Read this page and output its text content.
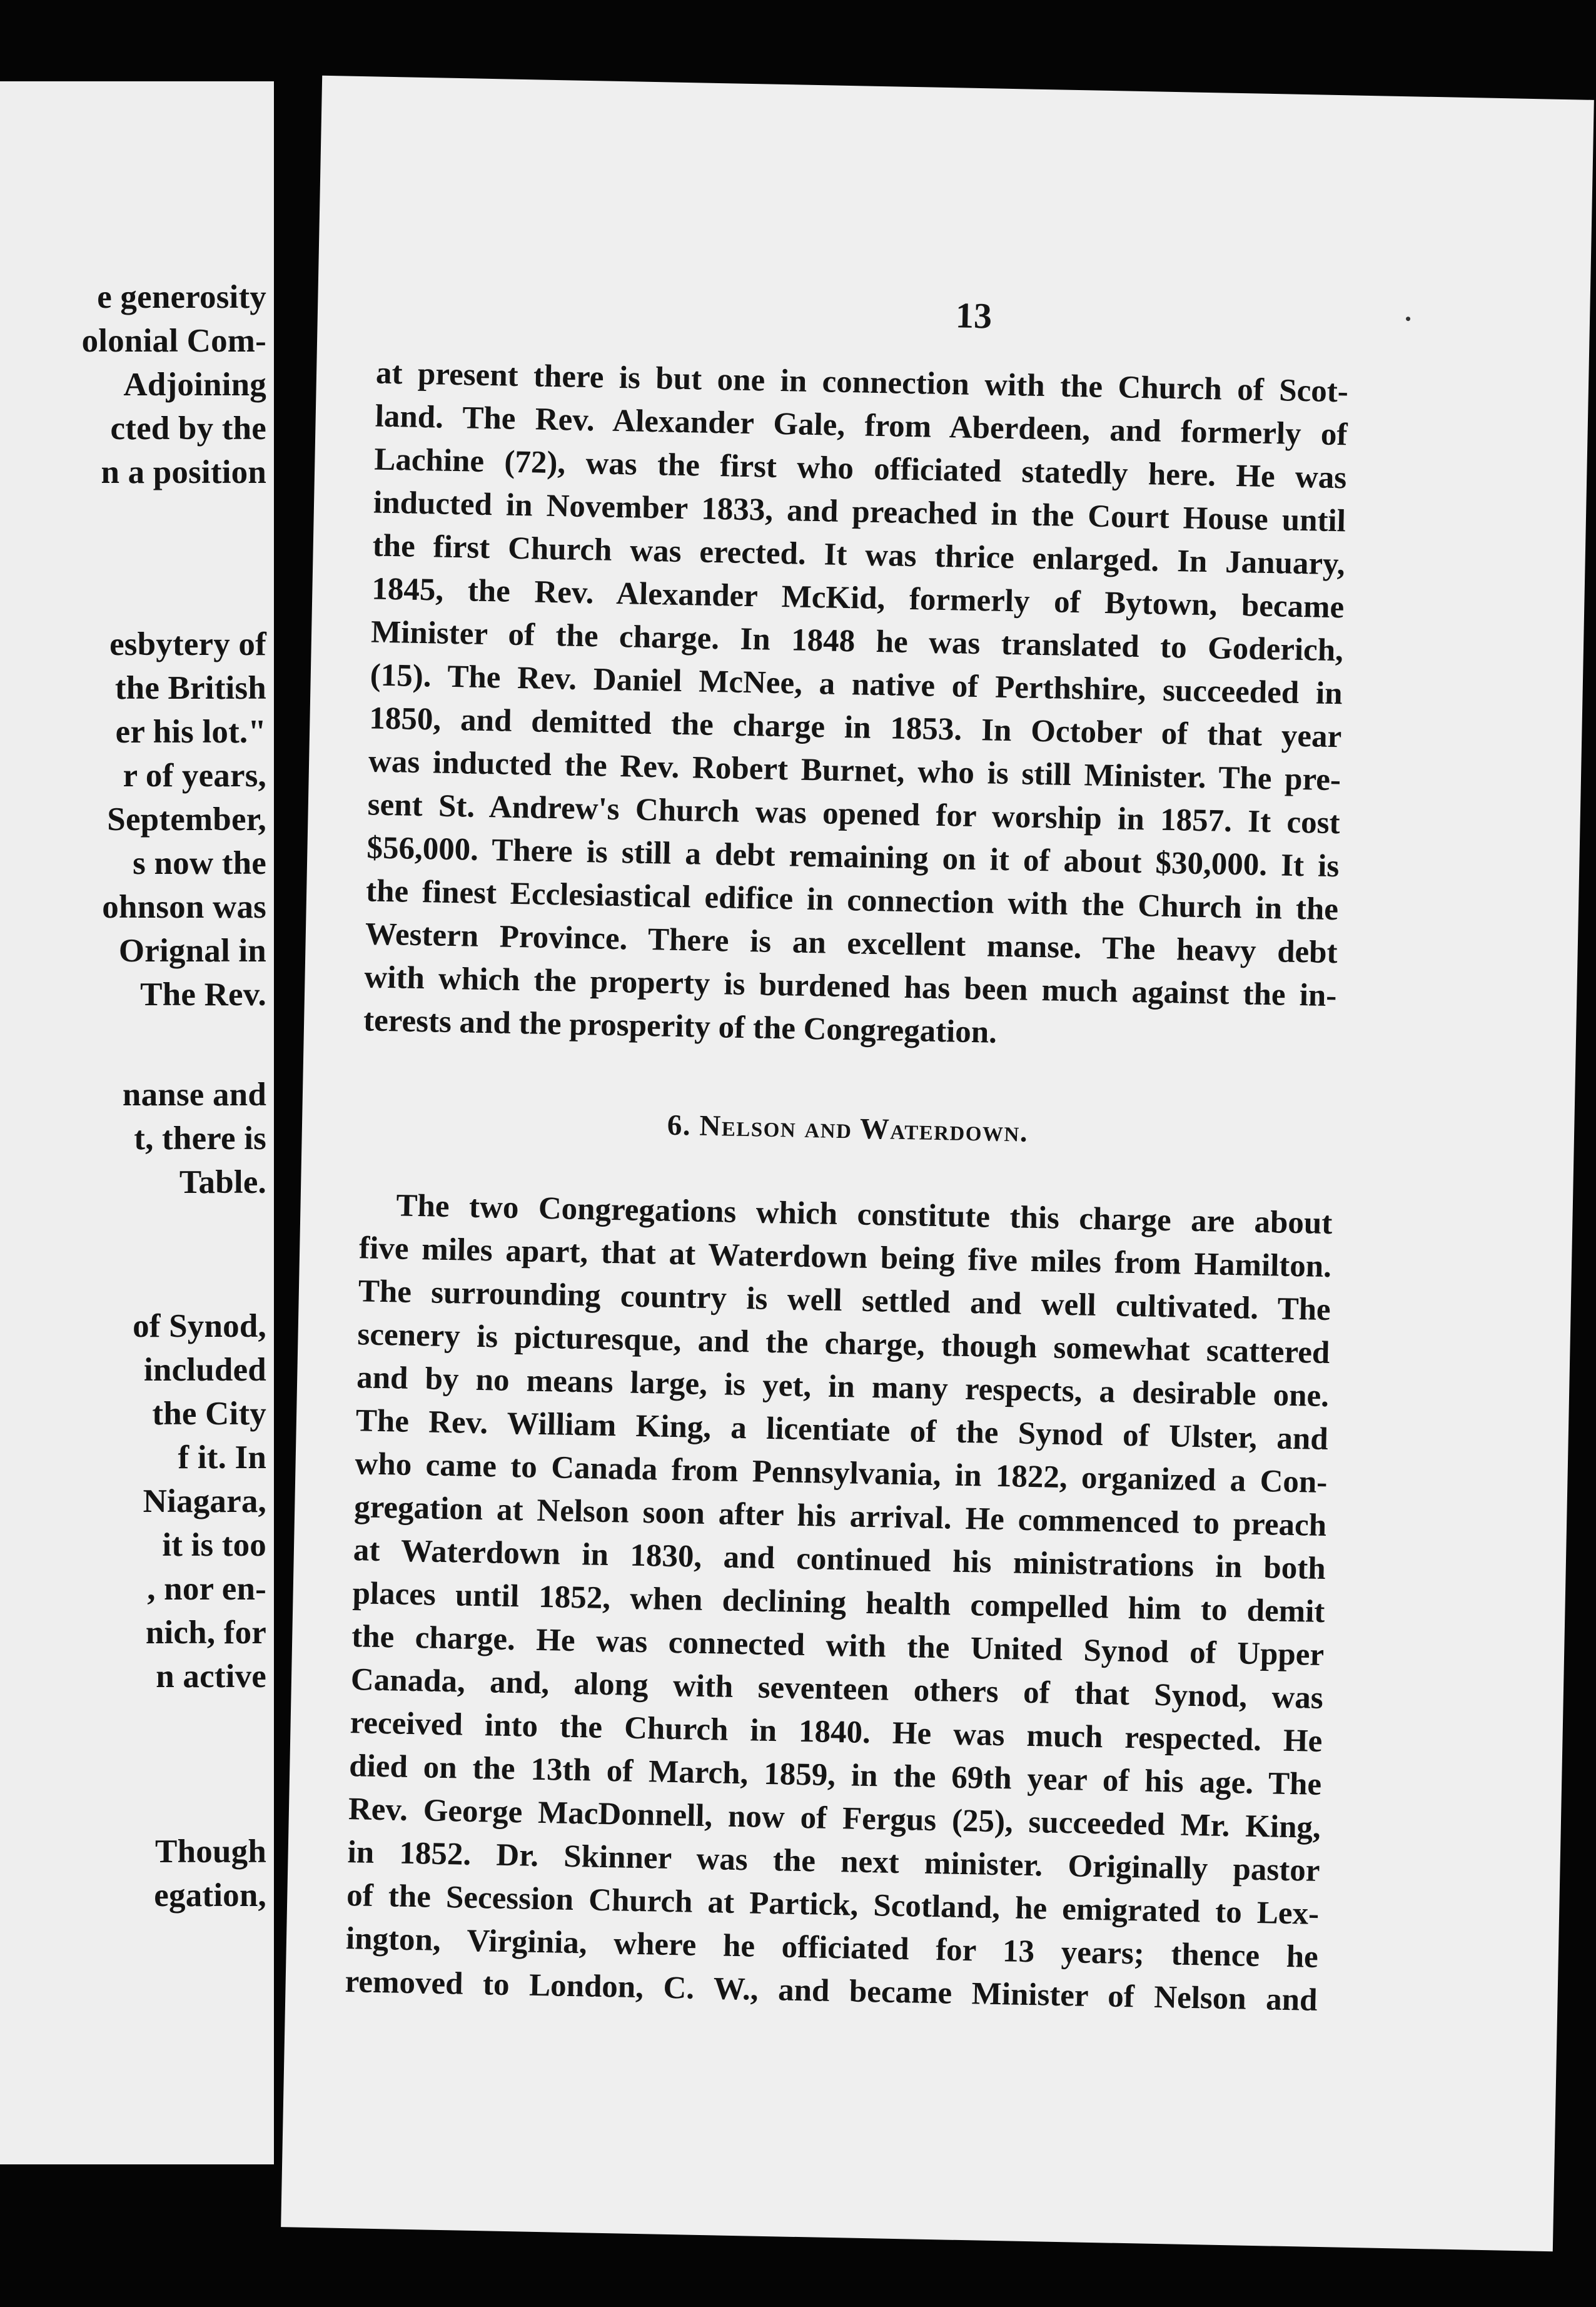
e generosity
olonial Com-
Adjoining
cted by the
n a position
esbytery of
the British
er his lot."
r of years,
September,
s now the
ohnson was
Orignal in
The Rev.
nanse and
t, there is
Table.
of Synod,
included
the City
f it. In
Niagara,
it is too
, nor en-
nich, for
n active
Though
egation,
13
at present there is but one in connection with the Church of Scot-
land. The Rev. Alexander Gale, from Aberdeen, and formerly of
Lachine (72), was the first who officiated statedly here. He was
inducted in November 1833, and preached in the Court House until
the first Church was erected. It was thrice enlarged. In January,
1845, the Rev. Alexander McKid, formerly of Bytown, became
Minister of the charge. In 1848 he was translated to Goderich,
(15). The Rev. Daniel McNee, a native of Perthshire, succeeded in
1850, and demitted the charge in 1853. In October of that year
was inducted the Rev. Robert Burnet, who is still Minister. The pre-
sent St. Andrew's Church was opened for worship in 1857. It cost
$56,000. There is still a debt remaining on it of about $30,000. It is
the finest Ecclesiastical edifice in connection with the Church in the
Western Province. There is an excellent manse. The heavy debt
with which the property is burdened has been much against the in-
terests and the prosperity of the Congregation.
6. Nelson and Waterdown.
The two Congregations which constitute this charge are about
five miles apart, that at Waterdown being five miles from Hamilton.
The surrounding country is well settled and well cultivated. The
scenery is picturesque, and the charge, though somewhat scattered
and by no means large, is yet, in many respects, a desirable one.
The Rev. William King, a licentiate of the Synod of Ulster, and
who came to Canada from Pennsylvania, in 1822, organized a Con-
gregation at Nelson soon after his arrival. He commenced to preach
at Waterdown in 1830, and continued his ministrations in both
places until 1852, when declining health compelled him to demit
the charge. He was connected with the United Synod of Upper
Canada, and, along with seventeen others of that Synod, was
received into the Church in 1840. He was much respected. He
died on the 13th of March, 1859, in the 69th year of his age. The
Rev. George MacDonnell, now of Fergus (25), succeeded Mr. King,
in 1852. Dr. Skinner was the next minister. Originally pastor
of the Secession Church at Partick, Scotland, he emigrated to Lex-
ington, Virginia, where he officiated for 13 years; thence he
removed to London, C. W., and became Minister of Nelson and
